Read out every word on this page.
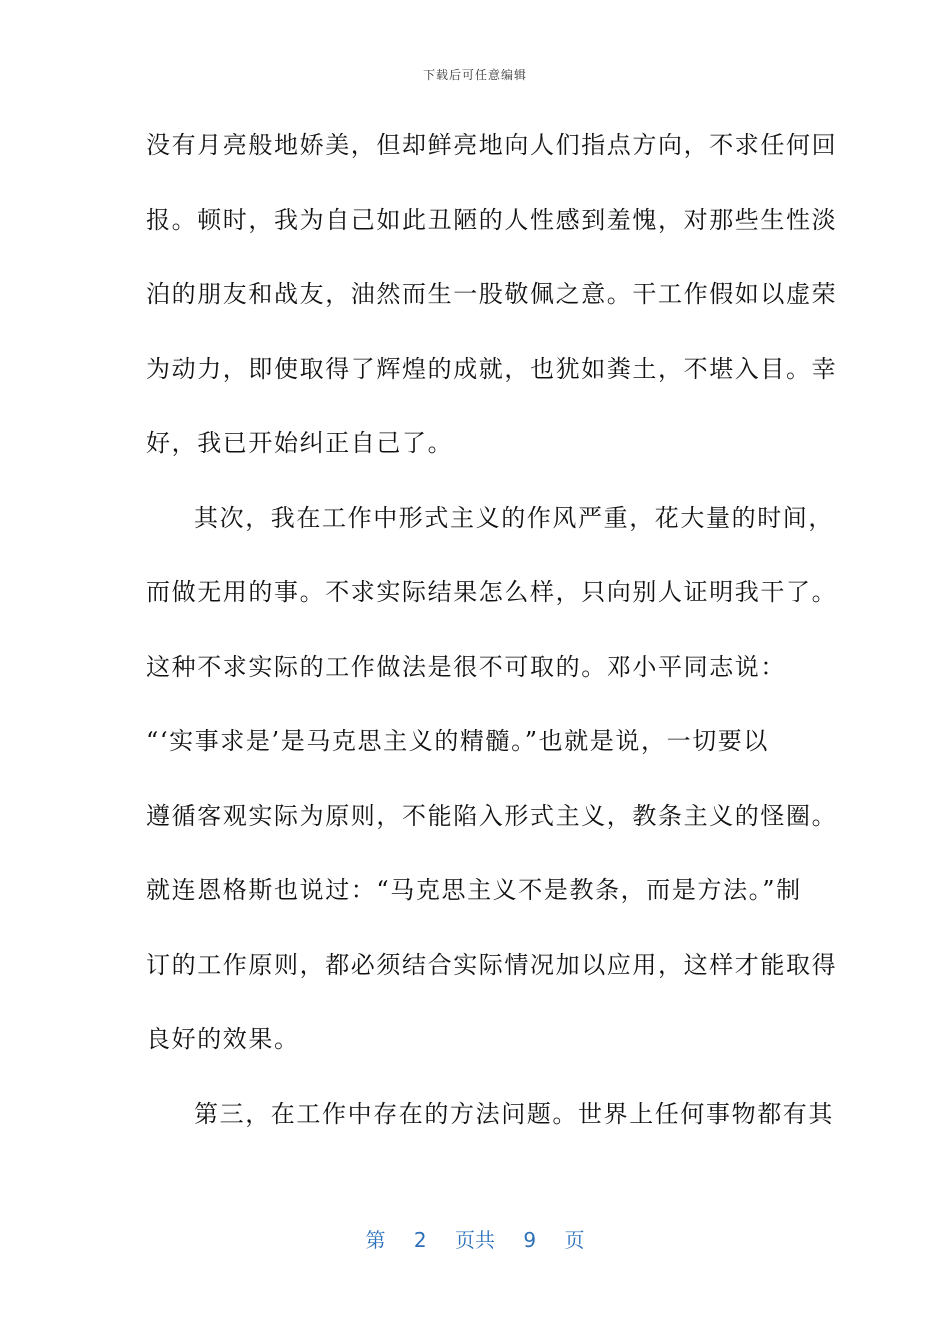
下载后可任意编辑
没有月亮般地娇美，但却鲜亮地向人们指点方向，不求任何回
报。顿时，我为自己如此丑陋的人性感到羞愧，对那些生性淡
泊的朋友和战友，油然而生一股敬佩之意。干工作假如以虚荣
为动力，即使取得了辉煌的成就，也犹如粪土，不堪入目。幸
好，我已开始纠正自己了。
其次，我在工作中形式主义的作风严重，花大量的时间，
而做无用的事。不求实际结果怎么样，只向别人证明我干了。
这种不求实际的工作做法是很不可取的。邓小平同志说：
“‘实事求是’是马克思主义的精髓。”也就是说，一切要以
遵循客观实际为原则，不能陷入形式主义，教条主义的怪圈。
就连恩格斯也说过：“马克思主义不是教条，而是方法。”制
订的工作原则，都必须结合实际情况加以应用，这样才能取得
良好的效果。
第三，在工作中存在的方法问题。世界上任何事物都有其
第 2 页共 9 页
